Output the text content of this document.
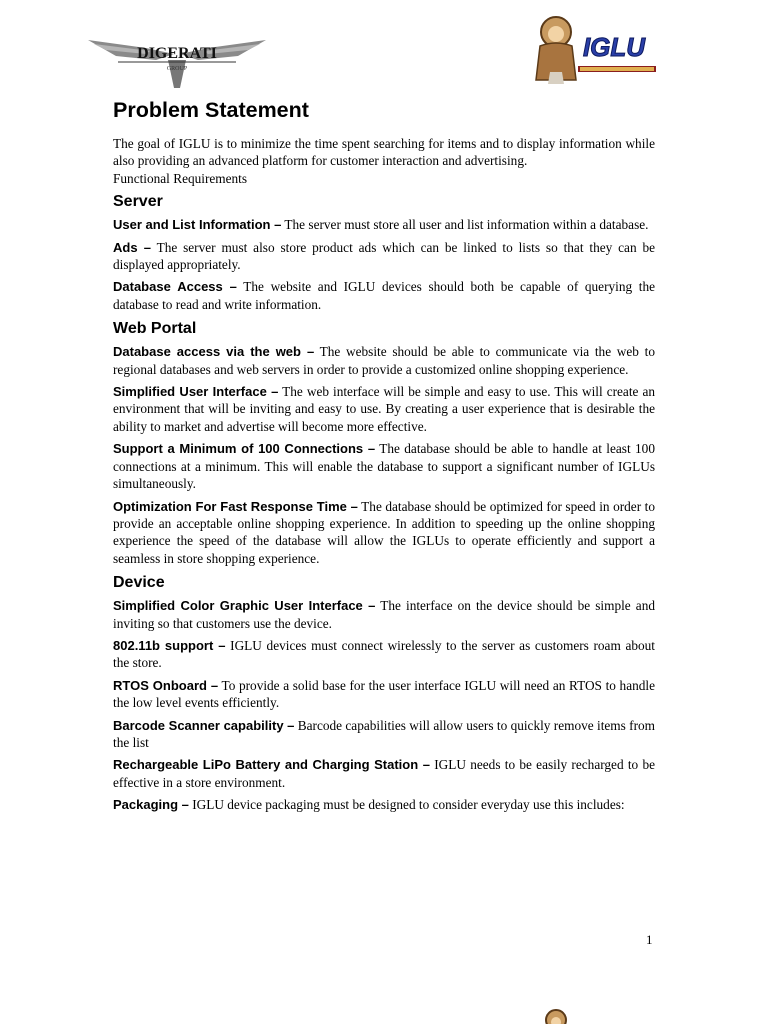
DIGERATI
GROUP
IGLU
Problem Statement

The goal of IGLU is to minimize the time spent searching for items and to display information while also providing an advanced platform for customer interaction and advertising.

Functional Requirements

Server

User and List Information – The server must store all user and list information within a database.

Ads – The server must also store product ads which can be linked to lists so that they can be displayed appropriately.

Database Access – The website and IGLU devices should both be capable of querying the database to read and write information.

Web Portal

Database access via the web – The website should be able to communicate via the web to regional databases and web servers in order to provide a customized online shopping experience.

Simplified User Interface – The web interface will be simple and easy to use. This will create an environment that will be inviting and easy to use. By creating a user experience that is desirable the ability to market and advertise will become more effective.

Support a Minimum of 100 Connections – The database should be able to handle at least 100 connections at a minimum. This will enable the database to support a significant number of IGLUs simultaneously.

Optimization For Fast Response Time – The database should be optimized for speed in order to provide an acceptable online shopping experience. In addition to speeding up the online shopping experience the speed of the database will allow the IGLUs to operate efficiently and support a seamless in store shopping experience.

Device

Simplified Color Graphic User Interface – The interface on the device should be simple and inviting so that customers use the device.

802.11b support – IGLU devices must connect wirelessly to the server as customers roam about the store.

RTOS Onboard – To provide a solid base for the user interface IGLU will need an RTOS to handle the low level events efficiently.

Barcode Scanner capability – Barcode capabilities will allow users to quickly remove items from the list

Rechargeable LiPo Battery and Charging Station – IGLU needs to be easily recharged to be effective in a store environment.

Packaging – IGLU device packaging must be designed to consider everyday use this includes:

1
